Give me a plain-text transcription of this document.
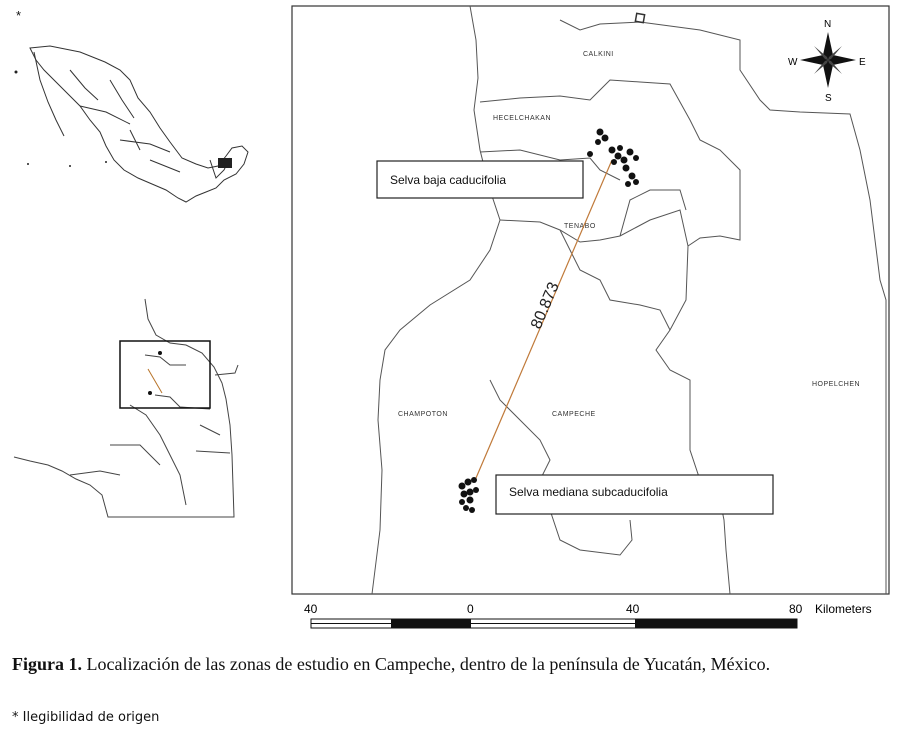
*
CALKINI
HECELCHAKAN
TENABO
CHAMPOTON	CAMPECHE
HOPELCHEN
80.873
Selva baja caducifolia
Selva mediana subcaducifolia
N
S
E
W
40	0	40	80 Kilometers
Figura 1. Localización de las zonas de estudio en Campeche, dentro de la península de Yucatán, México.
* Ilegibilidad de origen
